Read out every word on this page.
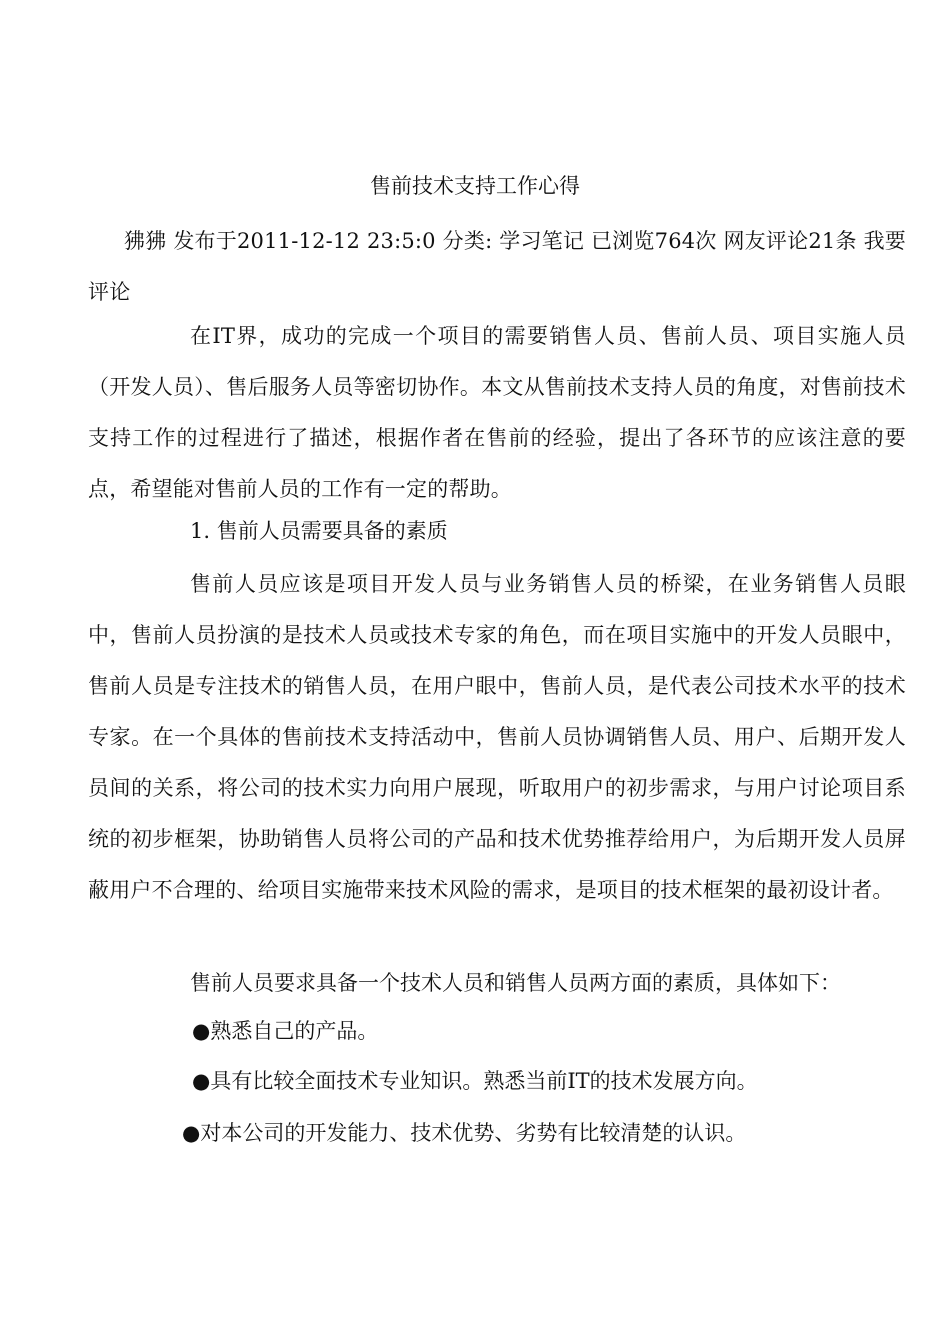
售前技术支持工作心得
狒狒 发布于2011-12-12 23:5:0 分类: 学习笔记 已浏览764次 网友评论21条 我要评论
在IT界，成功的完成一个项目的需要销售人员、售前人员、项目实施人员（开发人员）、售后服务人员等密切协作。本文从售前技术支持人员的角度，对售前技术支持工作的过程进行了描述，根据作者在售前的经验，提出了各环节的应该注意的要点，希望能对售前人员的工作有一定的帮助。
1. 售前人员需要具备的素质
售前人员应该是项目开发人员与业务销售人员的桥梁，在业务销售人员眼中，售前人员扮演的是技术人员或技术专家的角色，而在项目实施中的开发人员眼中，售前人员是专注技术的销售人员，在用户眼中，售前人员，是代表公司技术水平的技术专家。在一个具体的售前技术支持活动中，售前人员协调销售人员、用户、后期开发人员间的关系，将公司的技术实力向用户展现，听取用户的初步需求，与用户讨论项目系统的初步框架，协助销售人员将公司的产品和技术优势推荐给用户，为后期开发人员屏蔽用户不合理的、给项目实施带来技术风险的需求，是项目的技术框架的最初设计者。
售前人员要求具备一个技术人员和销售人员两方面的素质，具体如下：
●熟悉自己的产品。
●具有比较全面技术专业知识。熟悉当前IT的技术发展方向。
●对本公司的开发能力、技术优势、劣势有比较清楚的认识。
